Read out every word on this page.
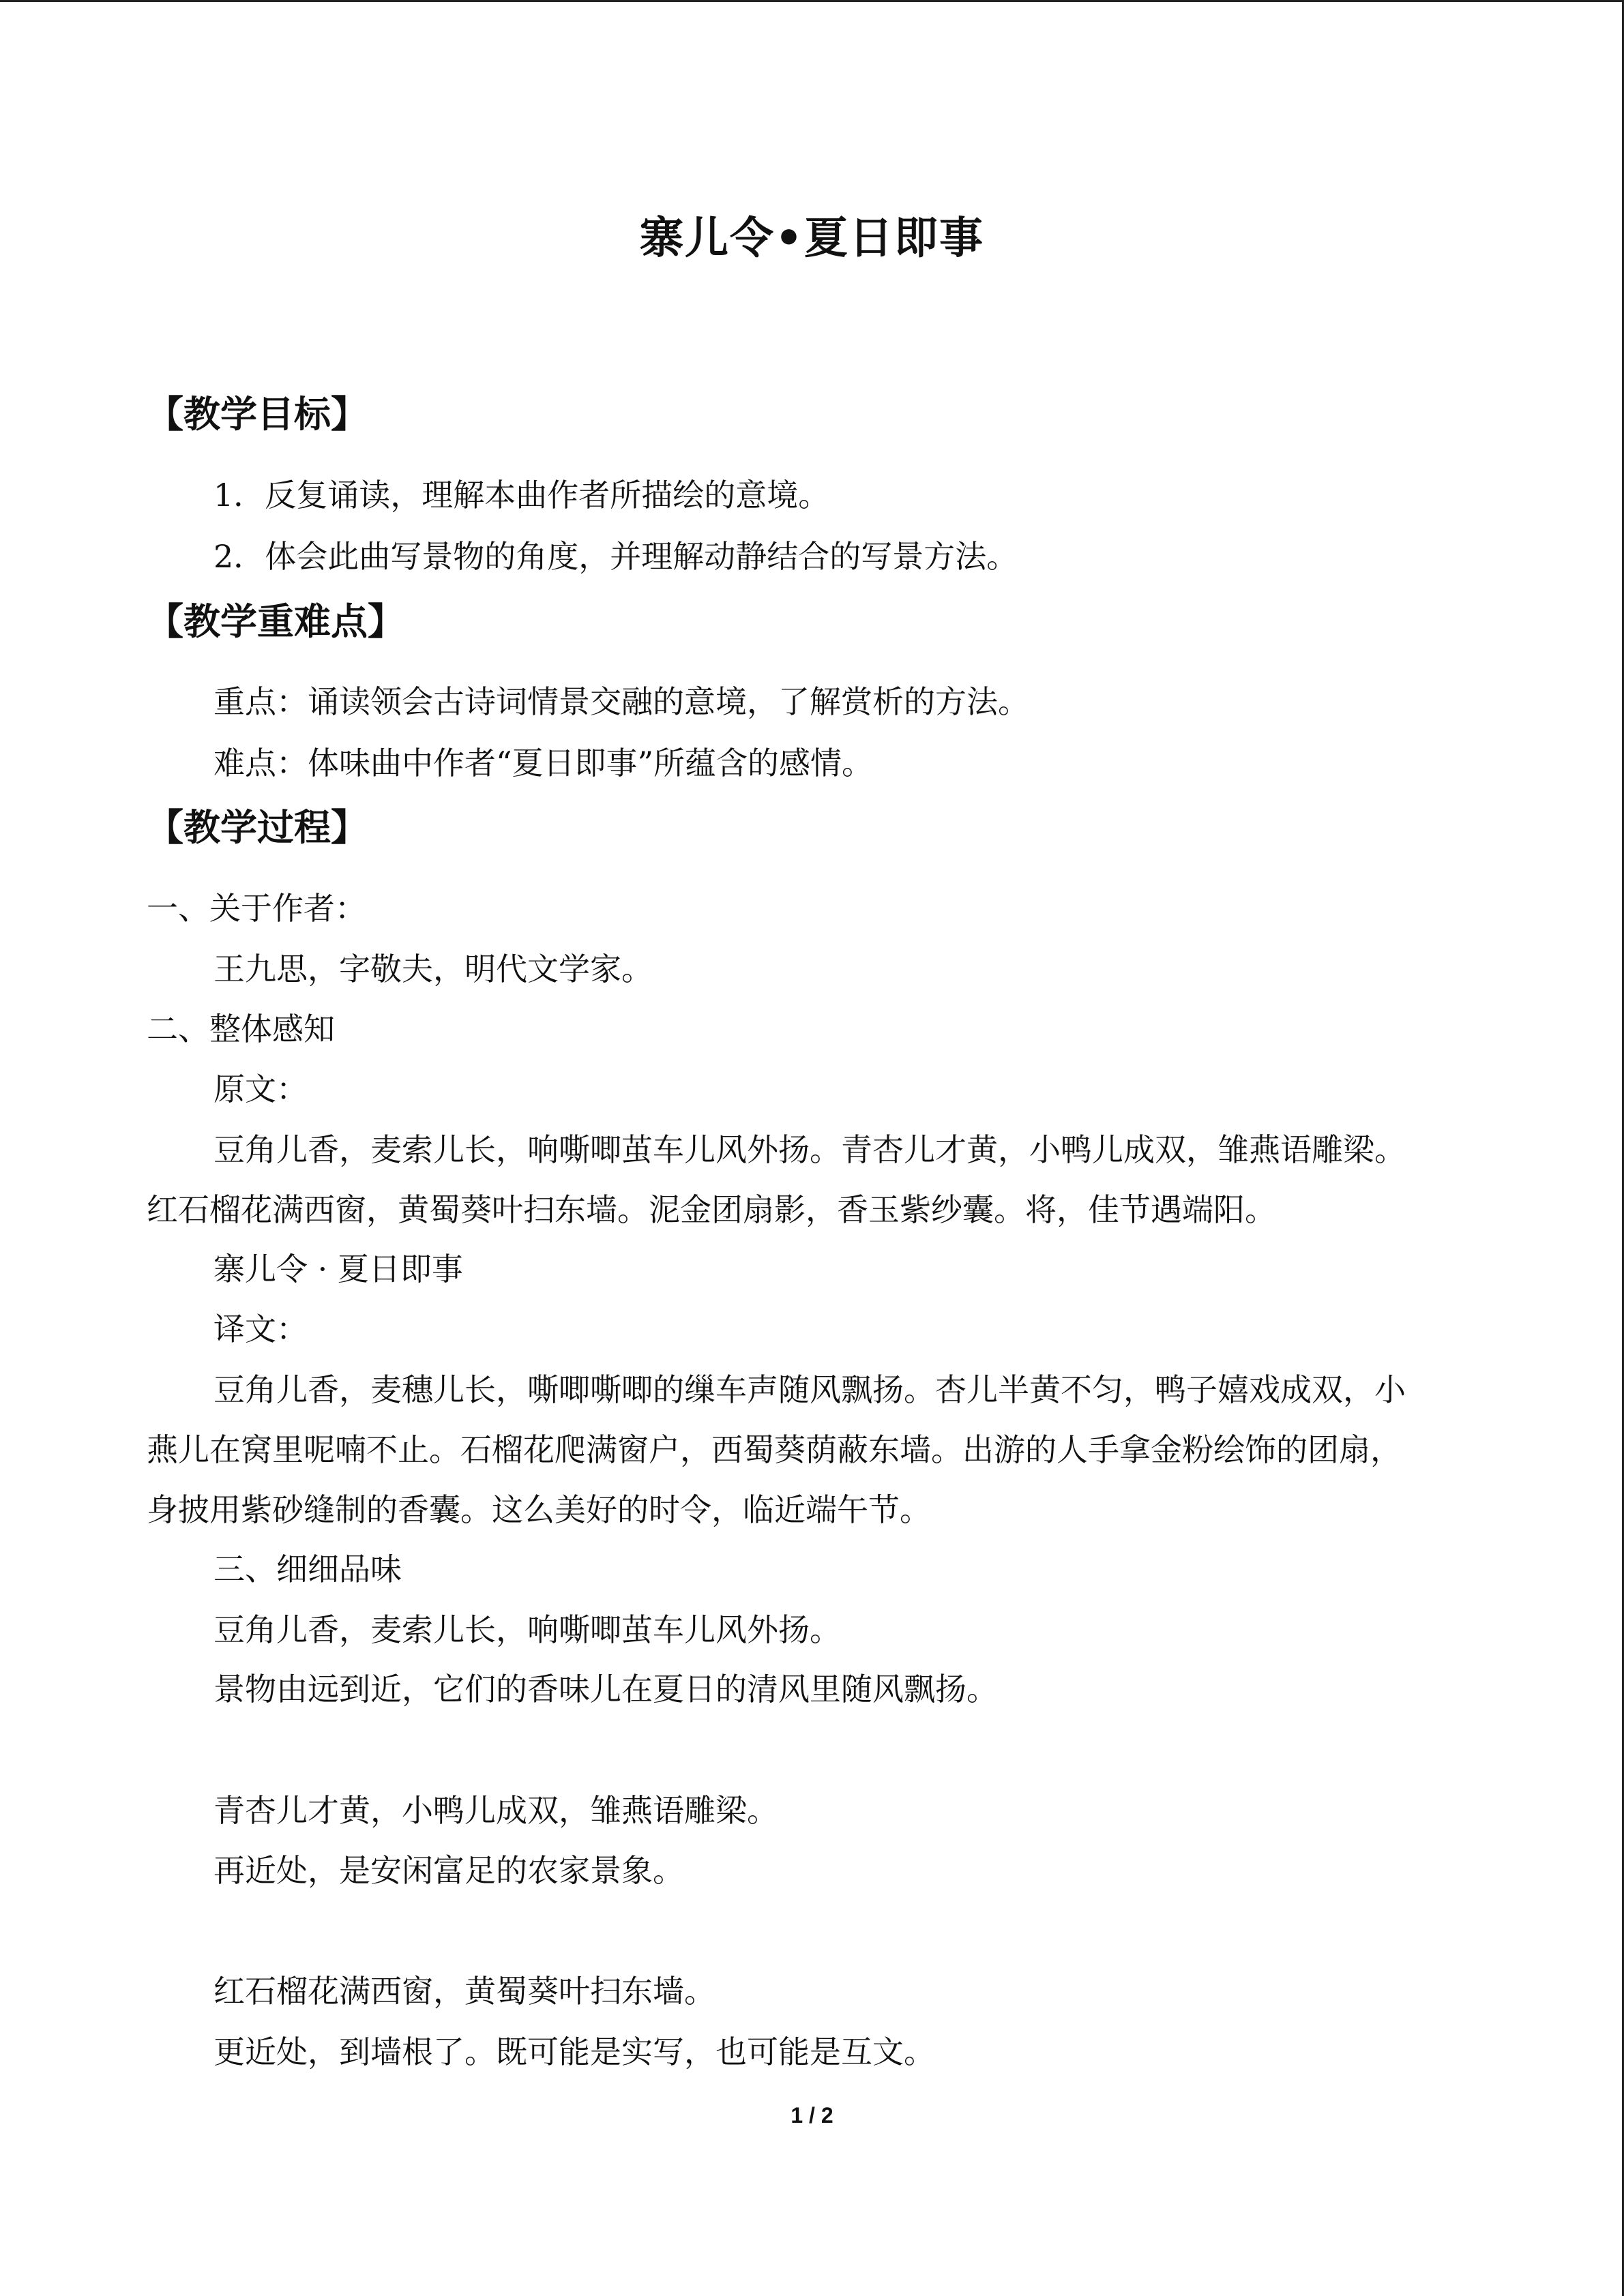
寨儿令•夏日即事
【教学目标】
1．反复诵读，理解本曲作者所描绘的意境。
2．体会此曲写景物的角度，并理解动静结合的写景方法。
【教学重难点】
重点：诵读领会古诗词情景交融的意境，了解赏析的方法。
难点：体味曲中作者“夏日即事”所蕴含的感情。
【教学过程】
一、关于作者：
王九思，字敬夫，明代文学家。
二、整体感知
原文：
豆角儿香，麦索儿长，响嘶唧茧车儿风外扬。青杏儿才黄，小鸭儿成双，雏燕语雕梁。
红石榴花满西窗，黄蜀葵叶扫东墙。泥金团扇影，香玉紫纱囊。将，佳节遇端阳。
寨儿令 · 夏日即事
译文：
豆角儿香，麦穗儿长，嘶唧嘶唧的缫车声随风飘扬。杏儿半黄不匀，鸭子嬉戏成双，小
燕儿在窝里呢喃不止。石榴花爬满窗户，西蜀葵荫蔽东墙。出游的人手拿金粉绘饰的团扇，
身披用紫砂缝制的香囊。这么美好的时令，临近端午节。
三、细细品味
豆角儿香，麦索儿长，响嘶唧茧车儿风外扬。
景物由远到近，它们的香味儿在夏日的清风里随风飘扬。
青杏儿才黄，小鸭儿成双，雏燕语雕梁。
再近处，是安闲富足的农家景象。
红石榴花满西窗，黄蜀葵叶扫东墙。
更近处，到墙根了。既可能是实写，也可能是互文。
1 / 2
